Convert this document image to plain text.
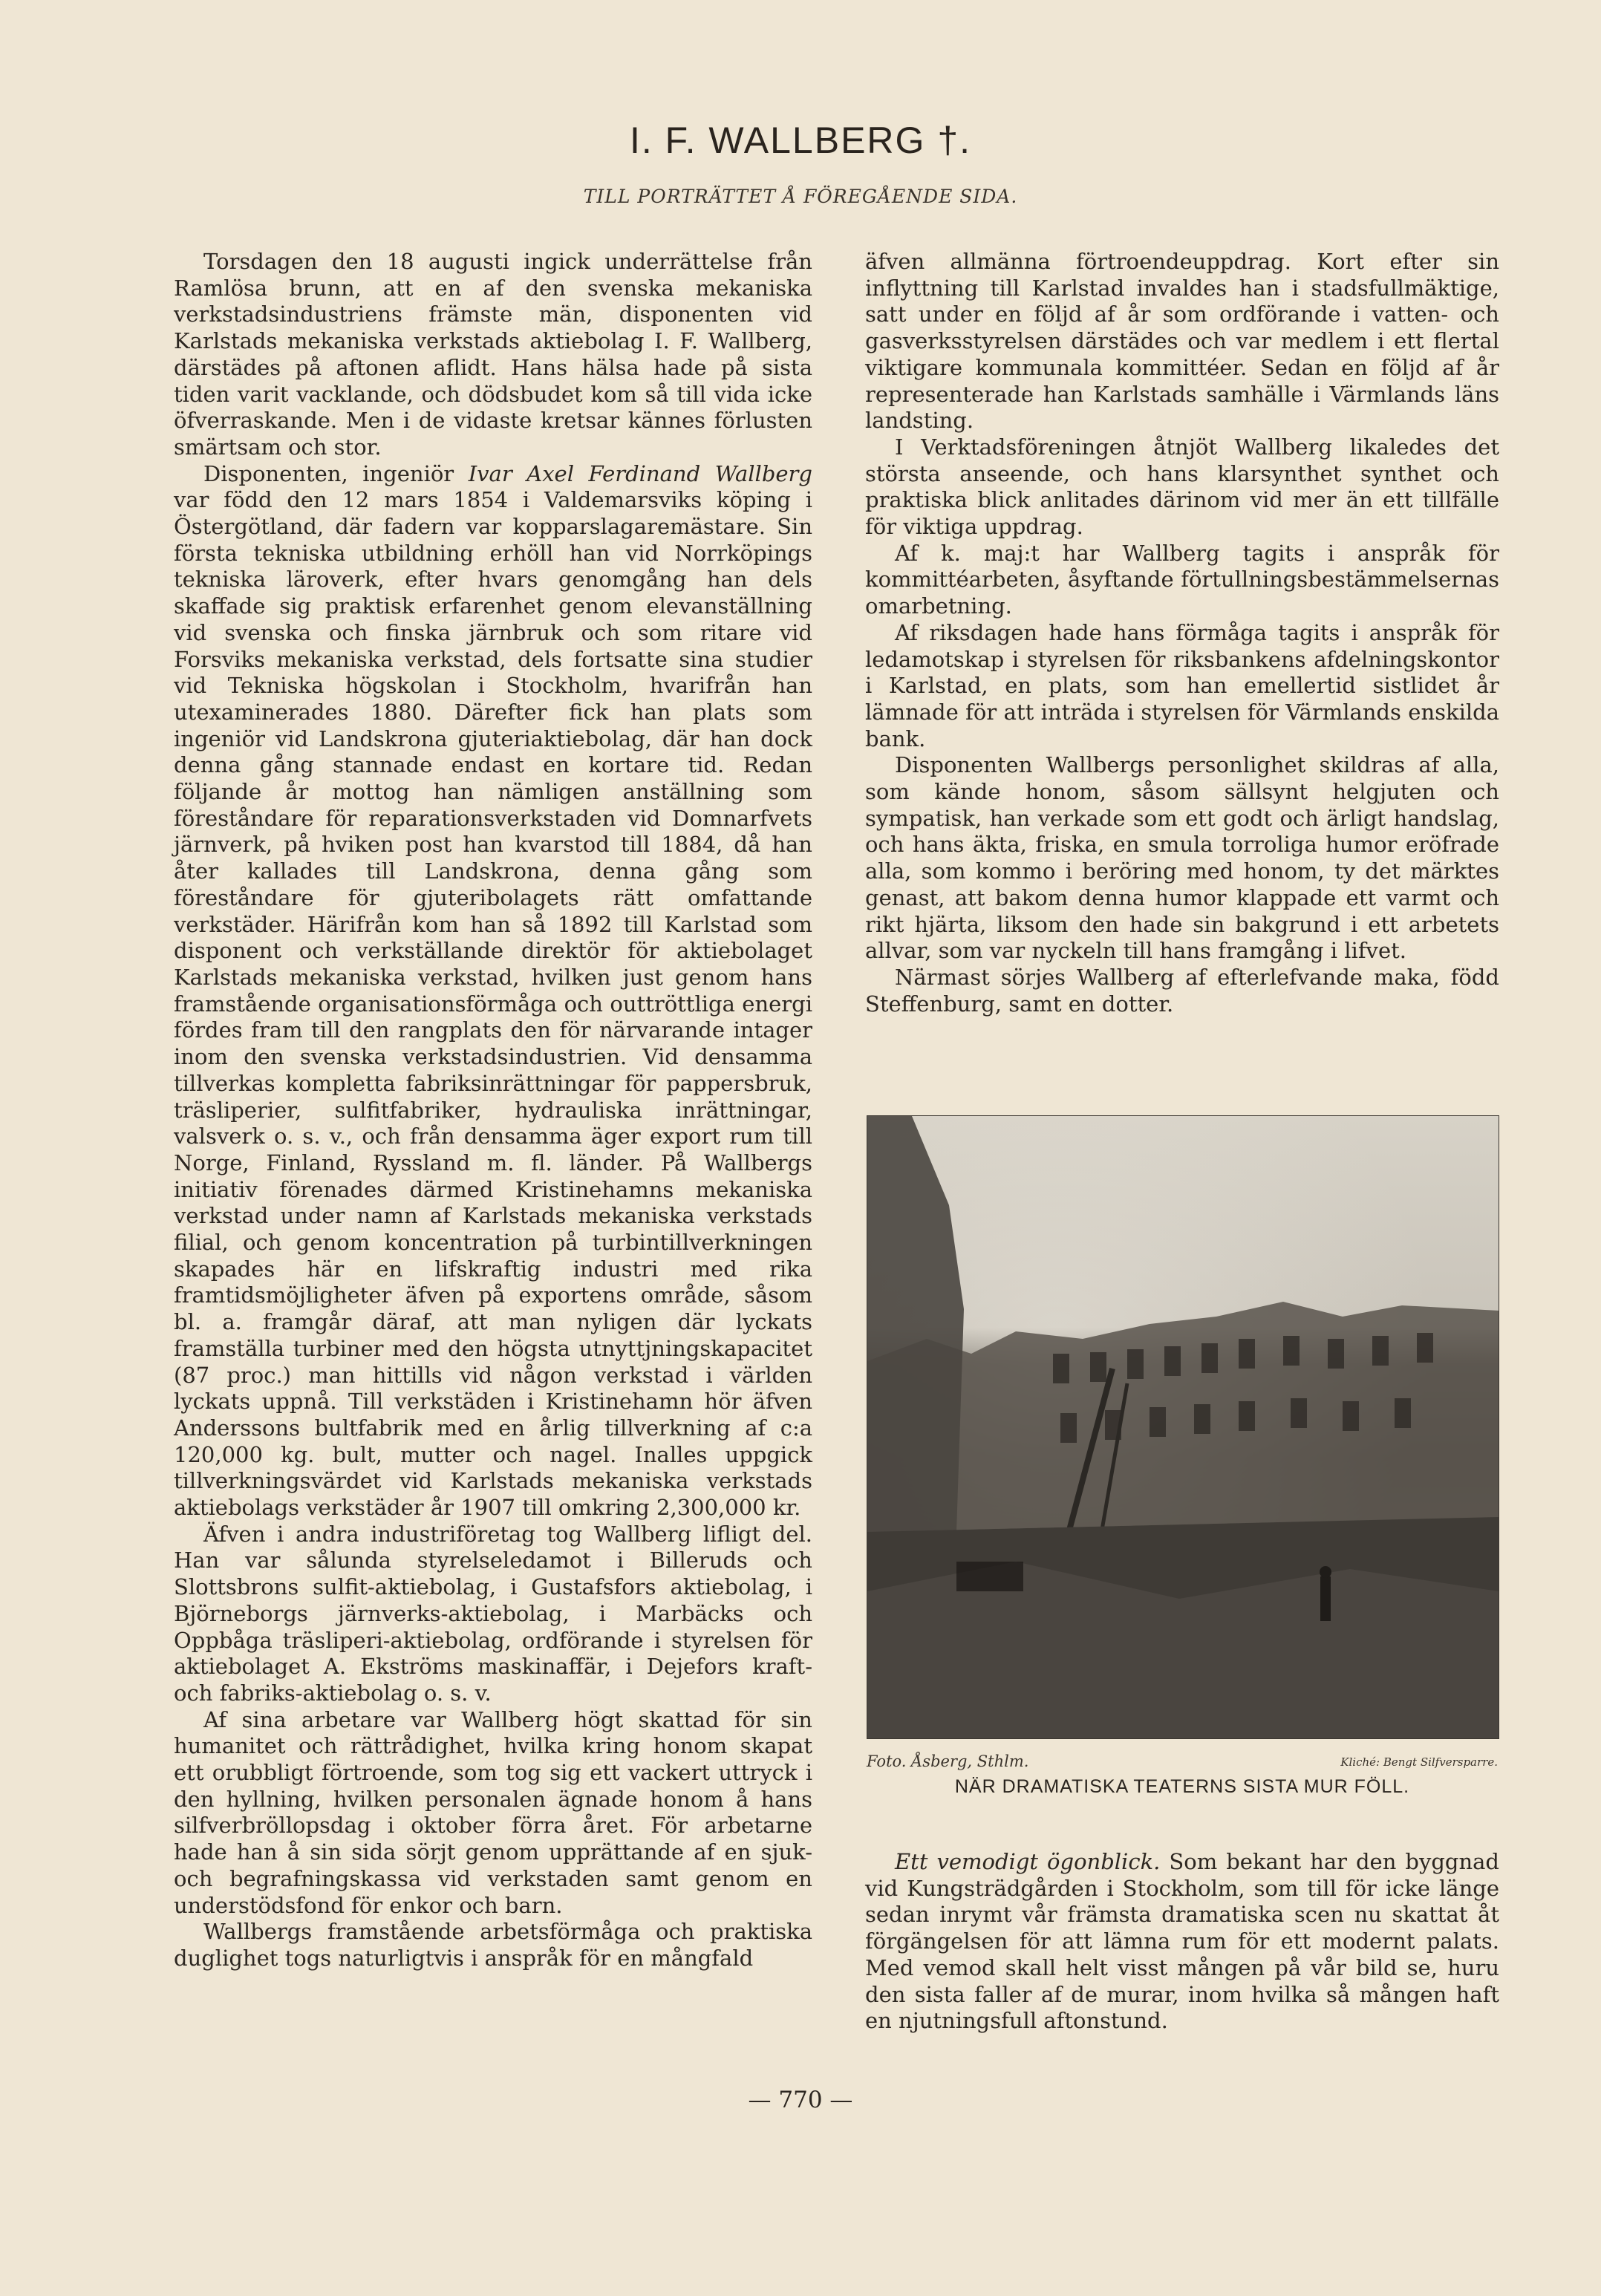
I. F. WALLBERG †.
TILL PORTRÄTTET Å FÖREGÅENDE SIDA.

Torsdagen den 18 augusti ingick underrättelse från Ramlösa brunn, att en af den svenska mekaniska verkstadsindustriens främste män, disponenten vid Karlstads mekaniska verkstads aktiebolag I. F. Wallberg, därstädes på aftonen aflidt. Hans hälsa hade på sista tiden varit vacklande, och dödsbudet kom så till vida icke öfverraskande. Men i de vidaste kretsar kännes förlusten smärtsam och stor.

Disponenten, ingeniör Ivar Axel Ferdinand Wallberg var född den 12 mars 1854 i Valdemarsviks köping i Östergötland, där fadern var kopparslagaremästare. Sin första tekniska utbildning erhöll han vid Norrköpings tekniska läroverk, efter hvars genomgång han dels skaffade sig praktisk erfarenhet genom elevanställning vid svenska och finska järnbruk och som ritare vid Forsviks mekaniska verkstad, dels fortsatte sina studier vid Tekniska högskolan i Stockholm, hvarifrån han utexaminerades 1880. Därefter fick han plats som ingeniör vid Landskrona gjuteriaktiebolag, där han dock denna gång stannade endast en kortare tid. Redan följande år mottog han nämligen anställning som föreståndare för reparationsverkstaden vid Domnarfvets järnverk, på hviken post han kvarstod till 1884, då han åter kallades till Landskrona, denna gång som föreståndare för gjuteribolagets rätt omfattande verkstäder. Härifrån kom han så 1892 till Karlstad som disponent och verkställande direktör för aktiebolaget Karlstads mekaniska verkstad, hvilken just genom hans framstående organisationsförmåga och outtröttliga energi fördes fram till den rangplats den för närvarande intager inom den svenska verkstadsindustrien. Vid densamma tillverkas kompletta fabriksinrättningar för pappersbruk, träsliperier, sulfitfabriker, hydrauliska inrättningar, valsverk o. s. v., och från densamma äger export rum till Norge, Finland, Ryssland m. fl. länder. På Wallbergs initiativ förenades därmed Kristinehamns mekaniska verkstad under namn af Karlstads mekaniska verkstads filial, och genom koncentration på turbintillverkningen skapades här en lifskraftig industri med rika framtidsmöjligheter äfven på exportens område, såsom bl. a. framgår däraf, att man nyligen där lyckats framställa turbiner med den högsta utnyttjningskapacitet (87 proc.) man hittills vid någon verkstad i världen lyckats uppnå. Till verkstäden i Kristinehamn hör äfven Anderssons bultfabrik med en årlig tillverkning af c:a 120,000 kg. bult, mutter och nagel. Inalles uppgick tillverkningsvärdet vid Karlstads mekaniska verkstads aktiebolags verkstäder år 1907 till omkring 2,300,000 kr.

Äfven i andra industriföretag tog Wallberg lifligt del. Han var sålunda styrelseledamot i Billeruds och Slottsbrons sulfit-aktiebolag, i Gustafsfors aktiebolag, i Björneborgs järnverks-aktiebolag, i Marbäcks och Oppbåga träsliperi-aktiebolag, ordförande i styrelsen för aktiebolaget A. Ekströms maskinaffär, i Dejefors kraft- och fabriks-aktiebolag o. s. v.

Af sina arbetare var Wallberg högt skattad för sin humanitet och rättrådighet, hvilka kring honom skapat ett orubbligt förtroende, som tog sig ett vackert uttryck i den hyllning, hvilken personalen ägnade honom å hans silfverbröllopsdag i oktober förra året. För arbetarne hade han å sin sida sörjt genom upprättande af en sjuk- och begrafningskassa vid verkstaden samt genom en understödsfond för enkor och barn.

Wallbergs framstående arbetsförmåga och praktiska duglighet togs naturligtvis i anspråk för en mångfald

äfven allmänna förtroendeuppdrag. Kort efter sin inflyttning till Karlstad invaldes han i stadsfullmäktige, satt under en följd af år som ordförande i vatten- och gasverksstyrelsen därstädes och var medlem i ett flertal viktigare kommunala kommittéer. Sedan en följd af år representerade han Karlstads samhälle i Värmlands läns landsting.

I Verktadsföreningen åtnjöt Wallberg likaledes det största anseende, och hans klarsynthet synthet och praktiska blick anlitades därinom vid mer än ett tillfälle för viktiga uppdrag.

Af k. maj:t har Wallberg tagits i anspråk för kommittéarbeten, åsyftande förtullningsbestämmelsernas omarbetning.

Af riksdagen hade hans förmåga tagits i anspråk för ledamotskap i styrelsen för riksbankens afdelningskontor i Karlstad, en plats, som han emellertid sistlidet år lämnade för att inträda i styrelsen för Värmlands enskilda bank.

Disponenten Wallbergs personlighet skildras af alla, som kände honom, såsom sällsynt helgjuten och sympatisk, han verkade som ett godt och ärligt handslag, och hans äkta, friska, en smula torroliga humor eröfrade alla, som kommo i beröring med honom, ty det märktes genast, att bakom denna humor klappade ett varmt och rikt hjärta, liksom den hade sin bakgrund i ett arbetets allvar, som var nyckeln till hans framgång i lifvet.

Närmast sörjes Wallberg af efterlefvande maka, född Steffenburg, samt en dotter.

Foto. Åsberg, Sthlm.	Kliché: Bengt Silfversparre.
NÄR DRAMATISKA TEATERNS SISTA MUR FÖLL.

Ett vemodigt ögonblick. Som bekant har den byggnad vid Kungsträdgården i Stockholm, som till för icke länge sedan inrymt vår främsta dramatiska scen nu skattat åt förgängelsen för att lämna rum för ett modernt palats. Med vemod skall helt visst mången på vår bild se, huru den sista faller af de murar, inom hvilka så mången haft en njutningsfull aftonstund.

— 770 —
